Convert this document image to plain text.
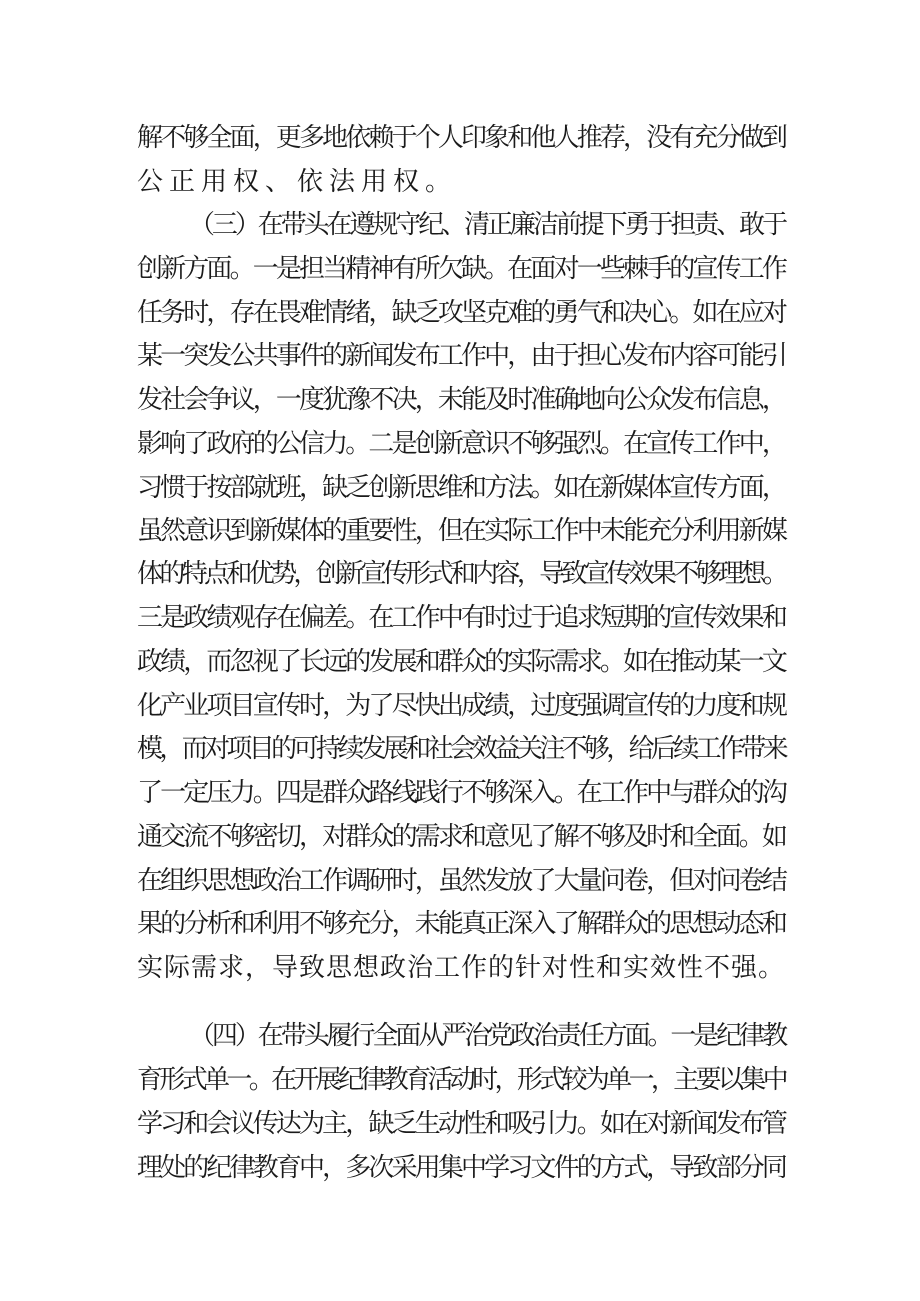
解不够全面，更多地依赖于个人印象和他人推荐，没有充分做到
公正用权、依法用权。
（三）在带头在遵规守纪、清正廉洁前提下勇于担责、敢于
创新方面。一是担当精神有所欠缺。在面对一些棘手的宣传工作
任务时，存在畏难情绪，缺乏攻坚克难的勇气和决心。如在应对
某一突发公共事件的新闻发布工作中，由于担心发布内容可能引
发社会争议，一度犹豫不决，未能及时准确地向公众发布信息，
影响了政府的公信力。二是创新意识不够强烈。在宣传工作中，
习惯于按部就班，缺乏创新思维和方法。如在新媒体宣传方面，
虽然意识到新媒体的重要性，但在实际工作中未能充分利用新媒
体的特点和优势，创新宣传形式和内容，导致宣传效果不够理想。
三是政绩观存在偏差。在工作中有时过于追求短期的宣传效果和
政绩，而忽视了长远的发展和群众的实际需求。如在推动某一文
化产业项目宣传时，为了尽快出成绩，过度强调宣传的力度和规
模，而对项目的可持续发展和社会效益关注不够，给后续工作带来
了一定压力。四是群众路线践行不够深入。在工作中与群众的沟
通交流不够密切，对群众的需求和意见了解不够及时和全面。如
在组织思想政治工作调研时，虽然发放了大量问卷，但对问卷结
果的分析和利用不够充分，未能真正深入了解群众的思想动态和
实际需求，导致思想政治工作的针对性和实效性不强。
（四）在带头履行全面从严治党政治责任方面。一是纪律教
育形式单一。在开展纪律教育活动时，形式较为单一，主要以集中
学习和会议传达为主，缺乏生动性和吸引力。如在对新闻发布管
理处的纪律教育中，多次采用集中学习文件的方式，导致部分同
